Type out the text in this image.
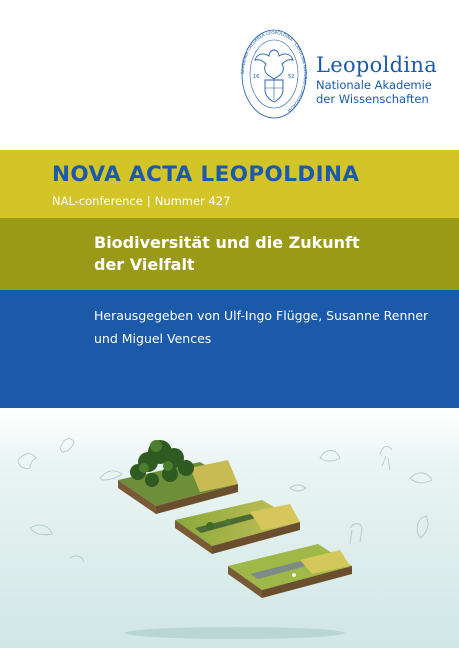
ACADEMIA CAESAREA LEOPOLDINA · CAROLINA NATURAE CURIOSORUM
16	52 Leopoldina
Nationale Akademie
der Wissenschaften
NOVA ACTA LEOPOLDINA
NAL-conference | Nummer 427
Biodiversität und die Zukunft
der Vielfalt
Herausgegeben von Ulf-Ingo Flügge, Susanne Renner
und Miguel Vences
